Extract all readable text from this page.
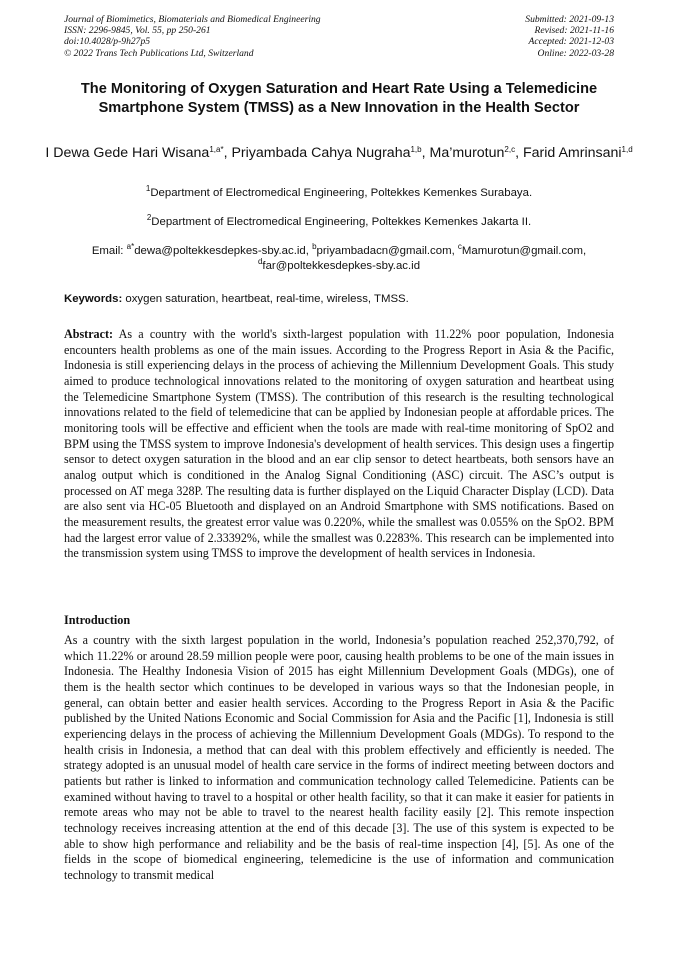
Journal of Biomimetics, Biomaterials and Biomedical Engineering
ISSN: 2296-9845, Vol. 55, pp 250-261
doi:10.4028/p-9h27p5
© 2022 Trans Tech Publications Ltd, Switzerland
Submitted: 2021-09-13
Revised: 2021-11-16
Accepted: 2021-12-03
Online: 2022-03-28
The Monitoring of Oxygen Saturation and Heart Rate Using a Telemedicine Smartphone System (TMSS) as a New Innovation in the Health Sector
I Dewa Gede Hari Wisana$^{1,a*}$, Priyambada Cahya Nugraha$^{1,b}$, Ma’murotun$^{2,c}$, Farid Amrinsani$^{1,d}$
$^1$Department of Electromedical Engineering, Poltekkes Kemenkes Surabaya.
$^2$Department of Electromedical Engineering, Poltekkes Kemenkes Jakarta II.
Email: $^{a*}$dewa@poltekkesdepkes-sby.ac.id, $^b$priyambadacn@gmail.com, $^c$Mamurotun@gmail.com,
$^d$far@poltekkesdepkes-sby.ac.id
Keywords: oxygen saturation, heartbeat, real-time, wireless, TMSS.
Abstract: As a country with the world's sixth-largest population with 11.22% poor population, Indonesia encounters health problems as one of the main issues. According to the Progress Report in Asia & the Pacific, Indonesia is still experiencing delays in the process of achieving the Millennium Development Goals. This study aimed to produce technological innovations related to the monitoring of oxygen saturation and heartbeat using the Telemedicine Smartphone System (TMSS). The contribution of this research is the resulting technological innovations related to the field of telemedicine that can be applied by Indonesian people at affordable prices. The monitoring tools will be effective and efficient when the tools are made with real-time monitoring of SpO2 and BPM using the TMSS system to improve Indonesia's development of health services. This design uses a fingertip sensor to detect oxygen saturation in the blood and an ear clip sensor to detect heartbeats, both sensors have an analog output which is conditioned in the Analog Signal Conditioning (ASC) circuit. The ASC’s output is processed on AT mega 328P. The resulting data is further displayed on the Liquid Character Display (LCD). Data are also sent via HC-05 Bluetooth and displayed on an Android Smartphone with SMS notifications. Based on the measurement results, the greatest error value was 0.220%, while the smallest was 0.055% on the SpO2. BPM had the largest error value of 2.33392%, while the smallest was 0.2283%. This research can be implemented into the transmission system using TMSS to improve the development of health services in Indonesia.
Introduction
As a country with the sixth largest population in the world, Indonesia’s population reached 252,370,792, of which 11.22% or around 28.59 million people were poor, causing health problems to be one of the main issues in Indonesia. The Healthy Indonesia Vision of 2015 has eight Millennium Development Goals (MDGs), one of them is the health sector which continues to be developed in various ways so that the Indonesian people, in general, can obtain better and easier health services. According to the Progress Report in Asia & the Pacific published by the United Nations Economic and Social Commission for Asia and the Pacific [1], Indonesia is still experiencing delays in the process of achieving the Millennium Development Goals (MDGs). To respond to the health crisis in Indonesia, a method that can deal with this problem effectively and efficiently is needed. The strategy adopted is an unusual model of health care service in the forms of indirect meeting between doctors and patients but rather is linked to information and communication technology called Telemedicine. Patients can be examined without having to travel to a hospital or other health facility, so that it can make it easier for patients in remote areas who may not be able to travel to the nearest health facility easily [2]. This remote inspection technology receives increasing attention at the end of this decade [3]. The use of this system is expected to be able to show high performance and reliability and be the basis of real-time inspection [4], [5]. As one of the fields in the scope of biomedical engineering, telemedicine is the use of information and communication technology to transmit medical
